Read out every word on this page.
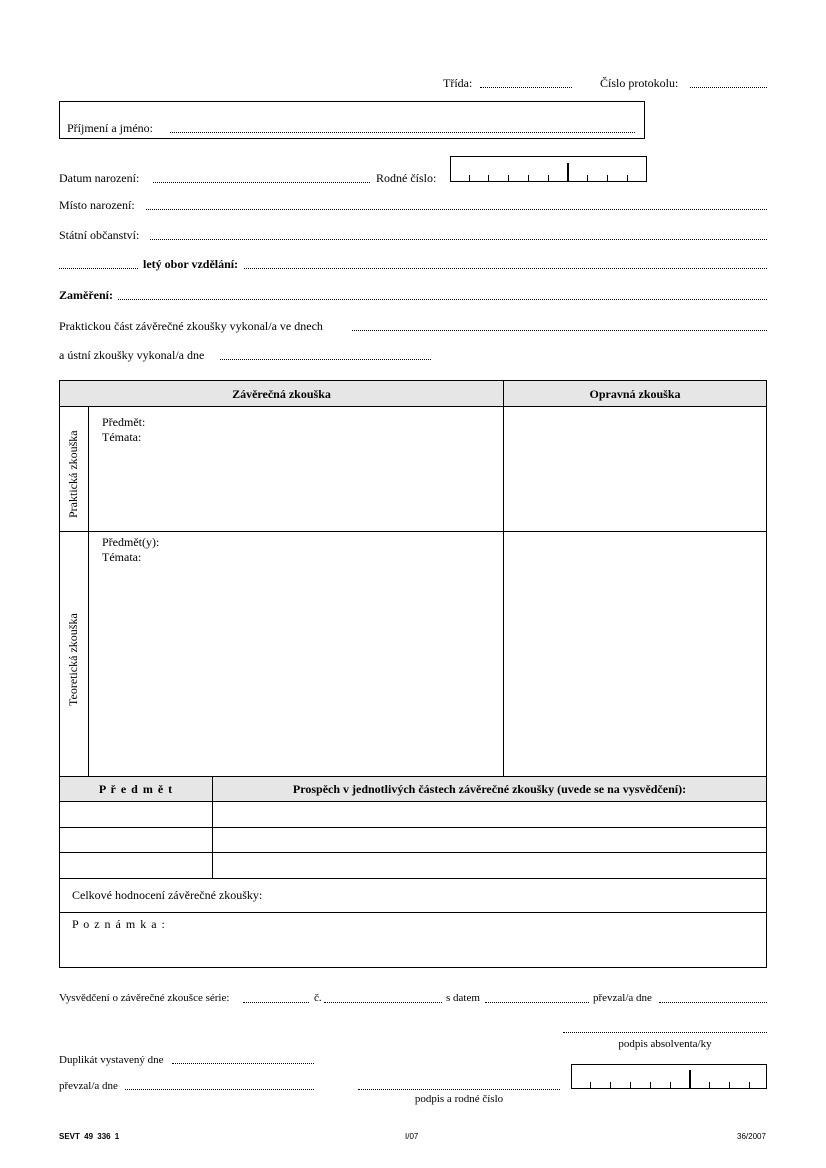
Třída:	Číslo protokolu:
Příjmení a jméno:
Datum narození:	Rodné číslo:
Místo narození:
Státní občanství:
letý obor vzdělání:
Zaměření:
Praktickou část závěrečné zkoušky vykonal/a ve dnech
a ústní zkoušky vykonal/a dne
Závěrečná zkouška	Opravná zkouška
Praktická zkouška
Předmět:
Témata:
Teoretická zkouška
Předmět(y):
Témata:
P ř e d m ě t	Prospěch v jednotlivých částech závěrečné zkoušky (uvede se na vysvědčení):
Celkové hodnocení závěrečné zkoušky:
P o z n á m k a :
Vysvědčení o závěrečné zkoušce série:	č.	s datem	převzal/a dne
podpis absolventa/ky
Duplikát vystavený dne
převzal/a dne
podpis a rodné číslo
SEVT 49 336 1	I/07	36/2007
